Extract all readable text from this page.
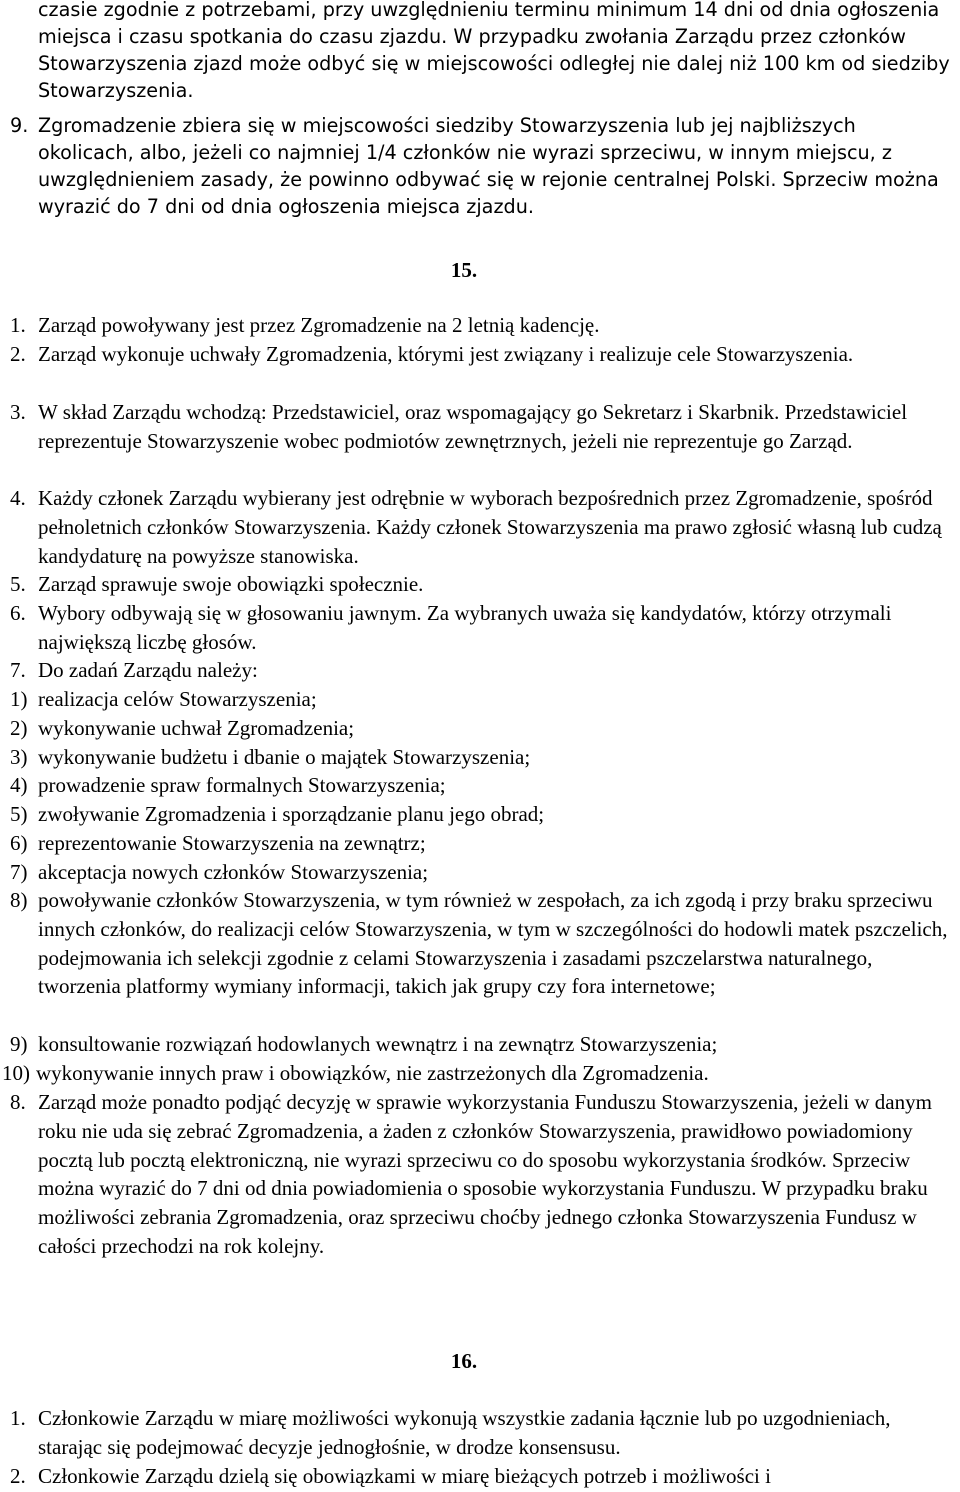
czasie zgodnie z potrzebami, przy uwzględnieniu terminu minimum 14 dni od dnia ogłoszenia miejsca i czasu spotkania do czasu zjazdu. W przypadku zwołania Zarządu przez członków Stowarzyszenia zjazd może odbyć się w miejscowości odległej nie dalej niż 100 km od siedziby Stowarzyszenia.
9. Zgromadzenie zbiera się w miejscowości siedziby Stowarzyszenia lub jej najbliższych okolicach, albo, jeżeli co najmniej 1/4 członków nie wyrazi sprzeciwu, w innym miejscu, z uwzględnieniem zasady, że powinno odbywać się w rejonie centralnej Polski. Sprzeciw można wyrazić do 7 dni od dnia ogłoszenia miejsca zjazdu.
15.
1. Zarząd powoływany jest przez Zgromadzenie na 2 letnią kadencję.
2. Zarząd wykonuje uchwały Zgromadzenia, którymi jest związany i realizuje cele Stowarzyszenia.
3. W skład Zarządu wchodzą: Przedstawiciel, oraz wspomagający go Sekretarz i Skarbnik. Przedstawiciel reprezentuje Stowarzyszenie wobec podmiotów zewnętrznych, jeżeli nie reprezentuje go Zarząd.
4. Każdy członek Zarządu wybierany jest odrębnie w wyborach bezpośrednich przez Zgromadzenie, spośród pełnoletnich członków Stowarzyszenia. Każdy członek Stowarzyszenia ma prawo zgłosić własną lub cudzą kandydaturę na powyższe stanowiska.
5. Zarząd sprawuje swoje obowiązki społecznie.
6. Wybory odbywają się w głosowaniu jawnym. Za wybranych uważa się kandydatów, którzy otrzymali największą liczbę głosów.
7. Do zadań Zarządu należy:
1) realizacja celów Stowarzyszenia;
2) wykonywanie uchwał Zgromadzenia;
3) wykonywanie budżetu i dbanie o majątek Stowarzyszenia;
4) prowadzenie spraw formalnych Stowarzyszenia;
5) zwoływanie Zgromadzenia i sporządzanie planu jego obrad;
6) reprezentowanie Stowarzyszenia na zewnątrz;
7) akceptacja nowych członków Stowarzyszenia;
8) powoływanie członków Stowarzyszenia, w tym również w zespołach, za ich zgodą i przy braku sprzeciwu innych członków, do realizacji celów Stowarzyszenia, w tym w szczególności do hodowli matek pszczelich, podejmowania ich selekcji zgodnie z celami Stowarzyszenia i zasadami pszczelarstwa naturalnego, tworzenia platformy wymiany informacji, takich jak grupy czy fora internetowe;
9) konsultowanie rozwiązań hodowlanych wewnątrz i na zewnątrz Stowarzyszenia;
10) wykonywanie innych praw i obowiązków, nie zastrzeżonych dla Zgromadzenia.
8. Zarząd może ponadto podjąć decyzję w sprawie wykorzystania Funduszu Stowarzyszenia, jeżeli w danym roku nie uda się zebrać Zgromadzenia, a żaden z członków Stowarzyszenia, prawidłowo powiadomiony pocztą lub pocztą elektroniczną, nie wyrazi sprzeciwu co do sposobu wykorzystania środków. Sprzeciw można wyrazić do 7 dni od dnia powiadomienia o sposobie wykorzystania Funduszu. W przypadku braku możliwości zebrania Zgromadzenia, oraz sprzeciwu choćby jednego członka Stowarzyszenia Fundusz w całości przechodzi na rok kolejny.
16.
1. Członkowie Zarządu w miarę możliwości wykonują wszystkie zadania łącznie lub po uzgodnieniach, starając się podejmować decyzje jednogłośnie, w drodze konsensusu.
2. Członkowie Zarządu dzielą się obowiązkami w miarę bieżących potrzeb i możliwości i
